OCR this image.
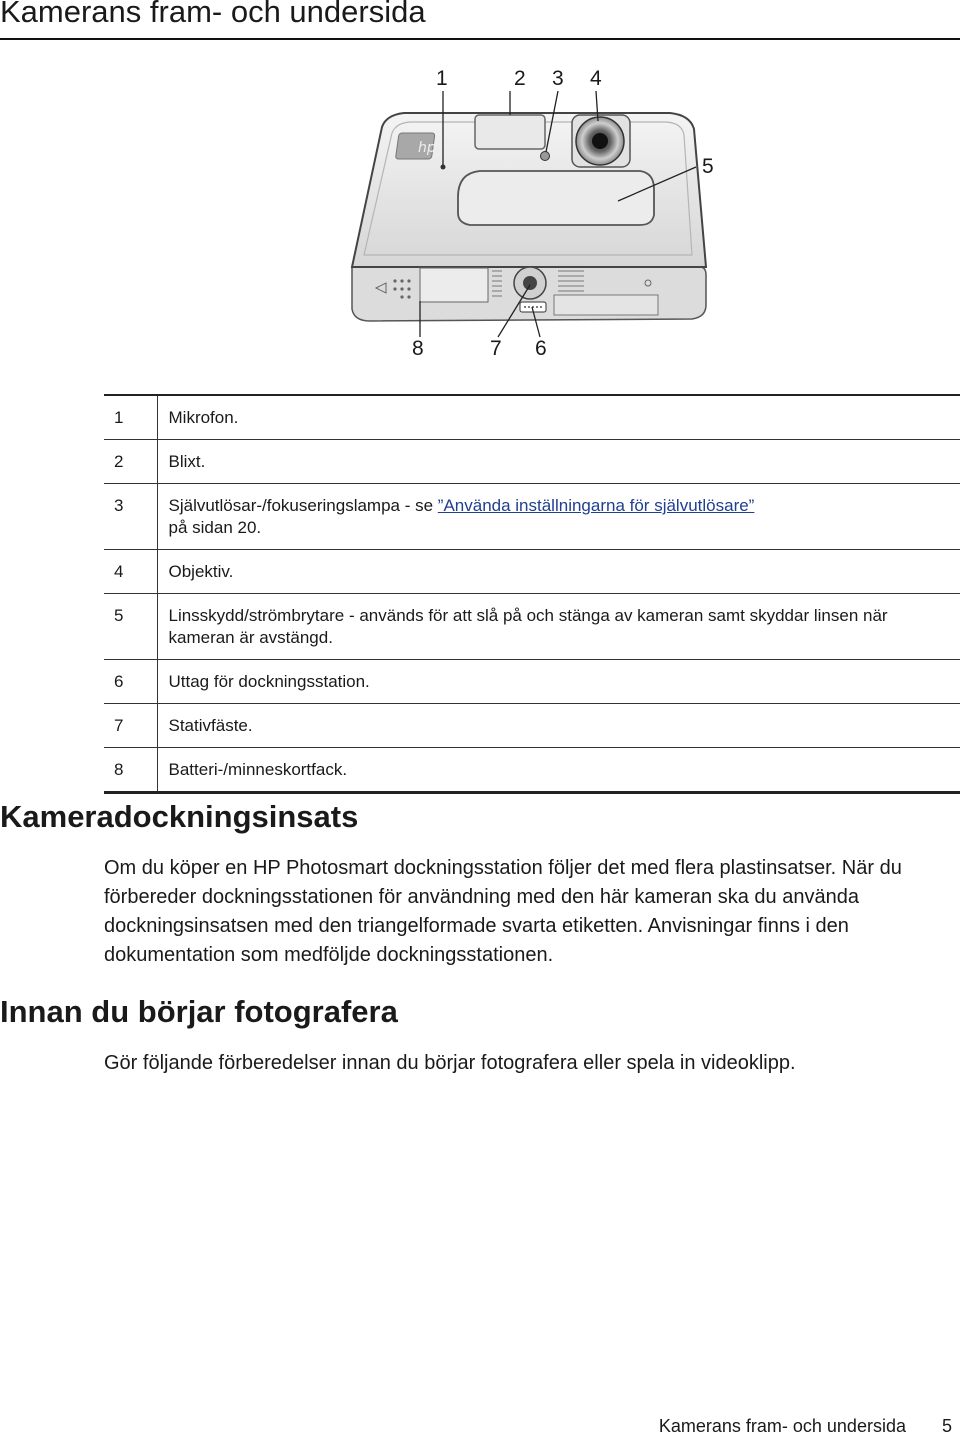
Kamerans fram- och undersida
hp
1	2 3 4
5
6
7
8
1	Mikrofon.
2	Blixt.
3	Självutlösar-/fokuseringslampa - se ”Använda inställningarna för självutlösare”
på sidan 20.
4	Objektiv.
5	Linsskydd/strömbrytare - används för att slå på och stänga av kameran samt skyddar linsen när kameran är avstängd.
6	Uttag för dockningsstation.
7	Stativfäste.
8	Batteri-/minneskortfack.
Kameradockningsinsats

Om du köper en HP Photosmart dockningsstation följer det med flera plastinsatser. När du förbereder dockningsstationen för användning med den här kameran ska du använda dockningsinsatsen med den triangelformade svarta etiketten. Anvisningar finns i den dokumentation som medföljde dockningsstationen.

Innan du börjar fotografera

Gör följande förberedelser innan du börjar fotografera eller spela in videoklipp.

Kamerans fram- och undersida 5
